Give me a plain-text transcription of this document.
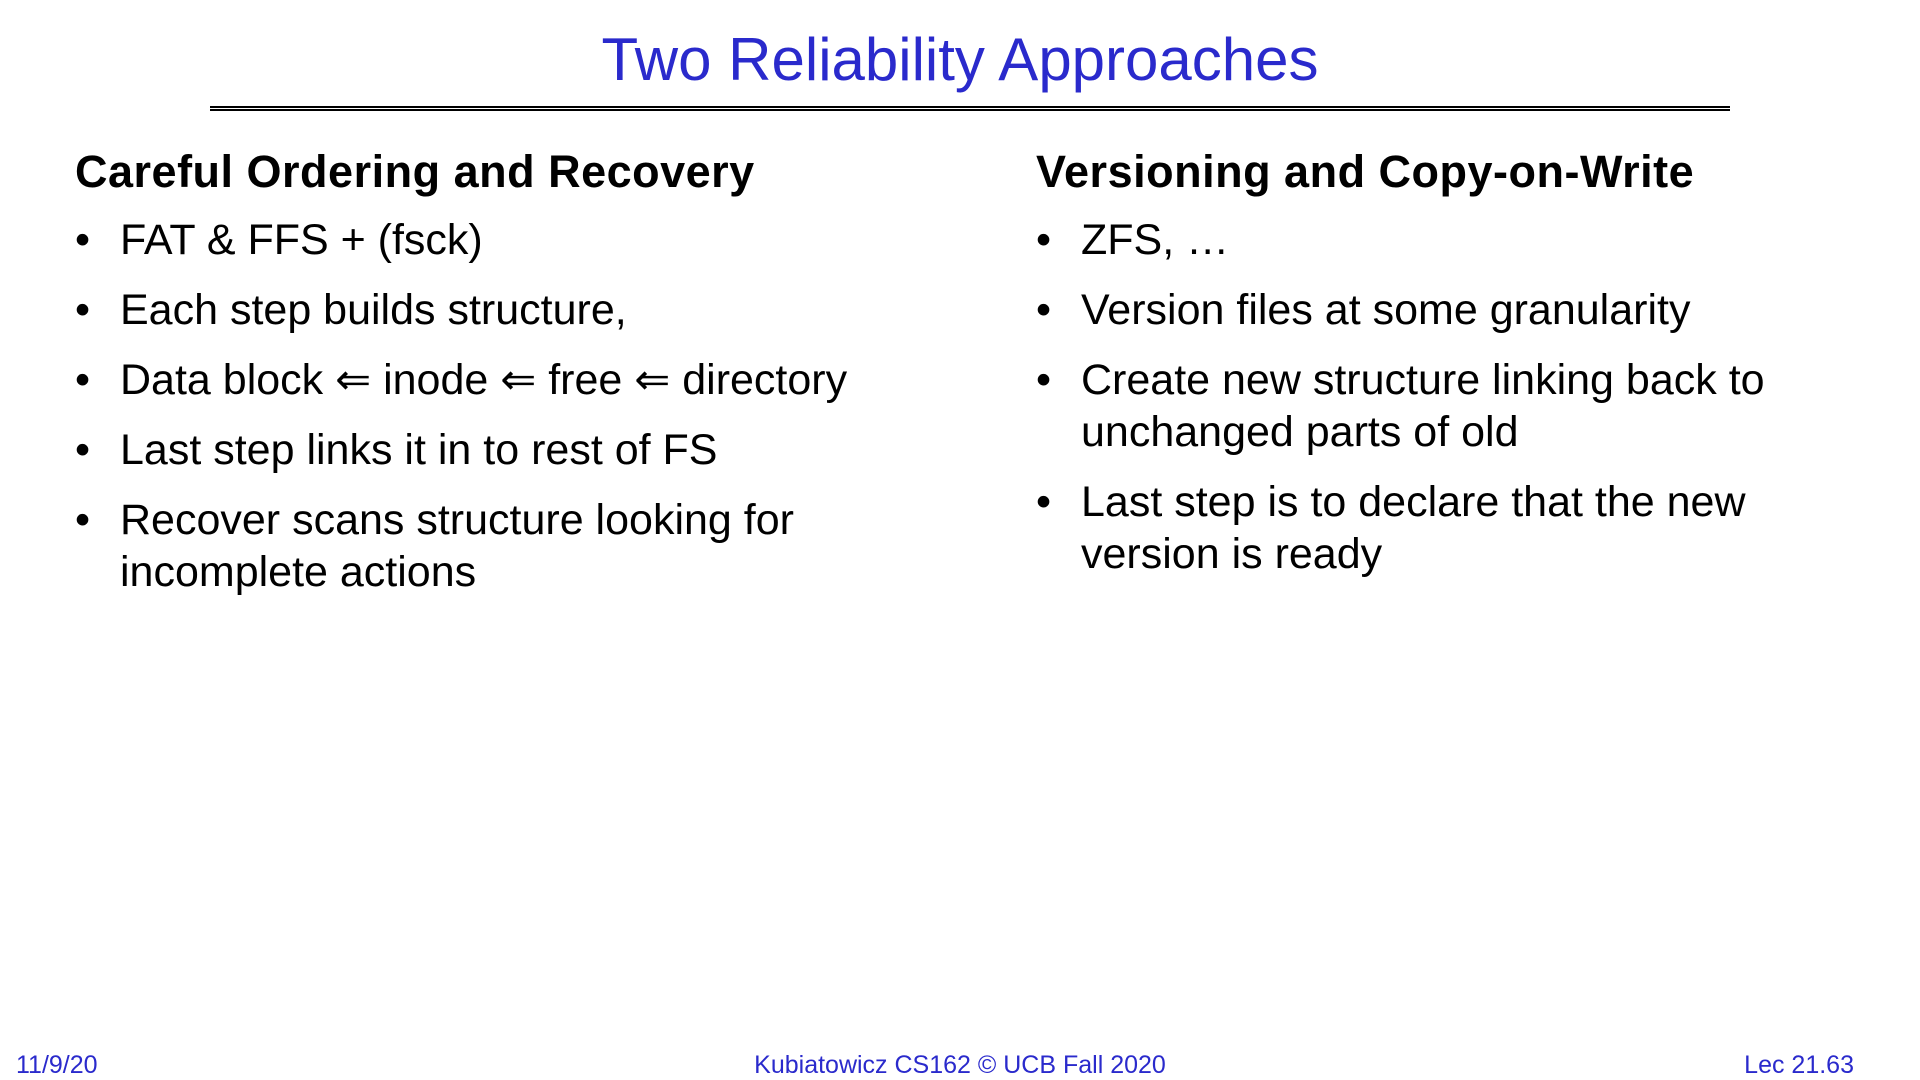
Two Reliability Approaches
Careful Ordering and Recovery
• FAT & FFS + (fsck)
• Each step builds structure,
• Data block ⇐ inode ⇐ free ⇐ directory
• Last step links it in to rest of FS
• Recover scans structure looking for incomplete actions
Versioning and Copy-on-Write
• ZFS, …
• Version files at some granularity
• Create new structure linking back to unchanged parts of old
• Last step is to declare that the new version is ready
11/9/20	Kubiatowicz CS162 © UCB Fall 2020	Lec 21.63
